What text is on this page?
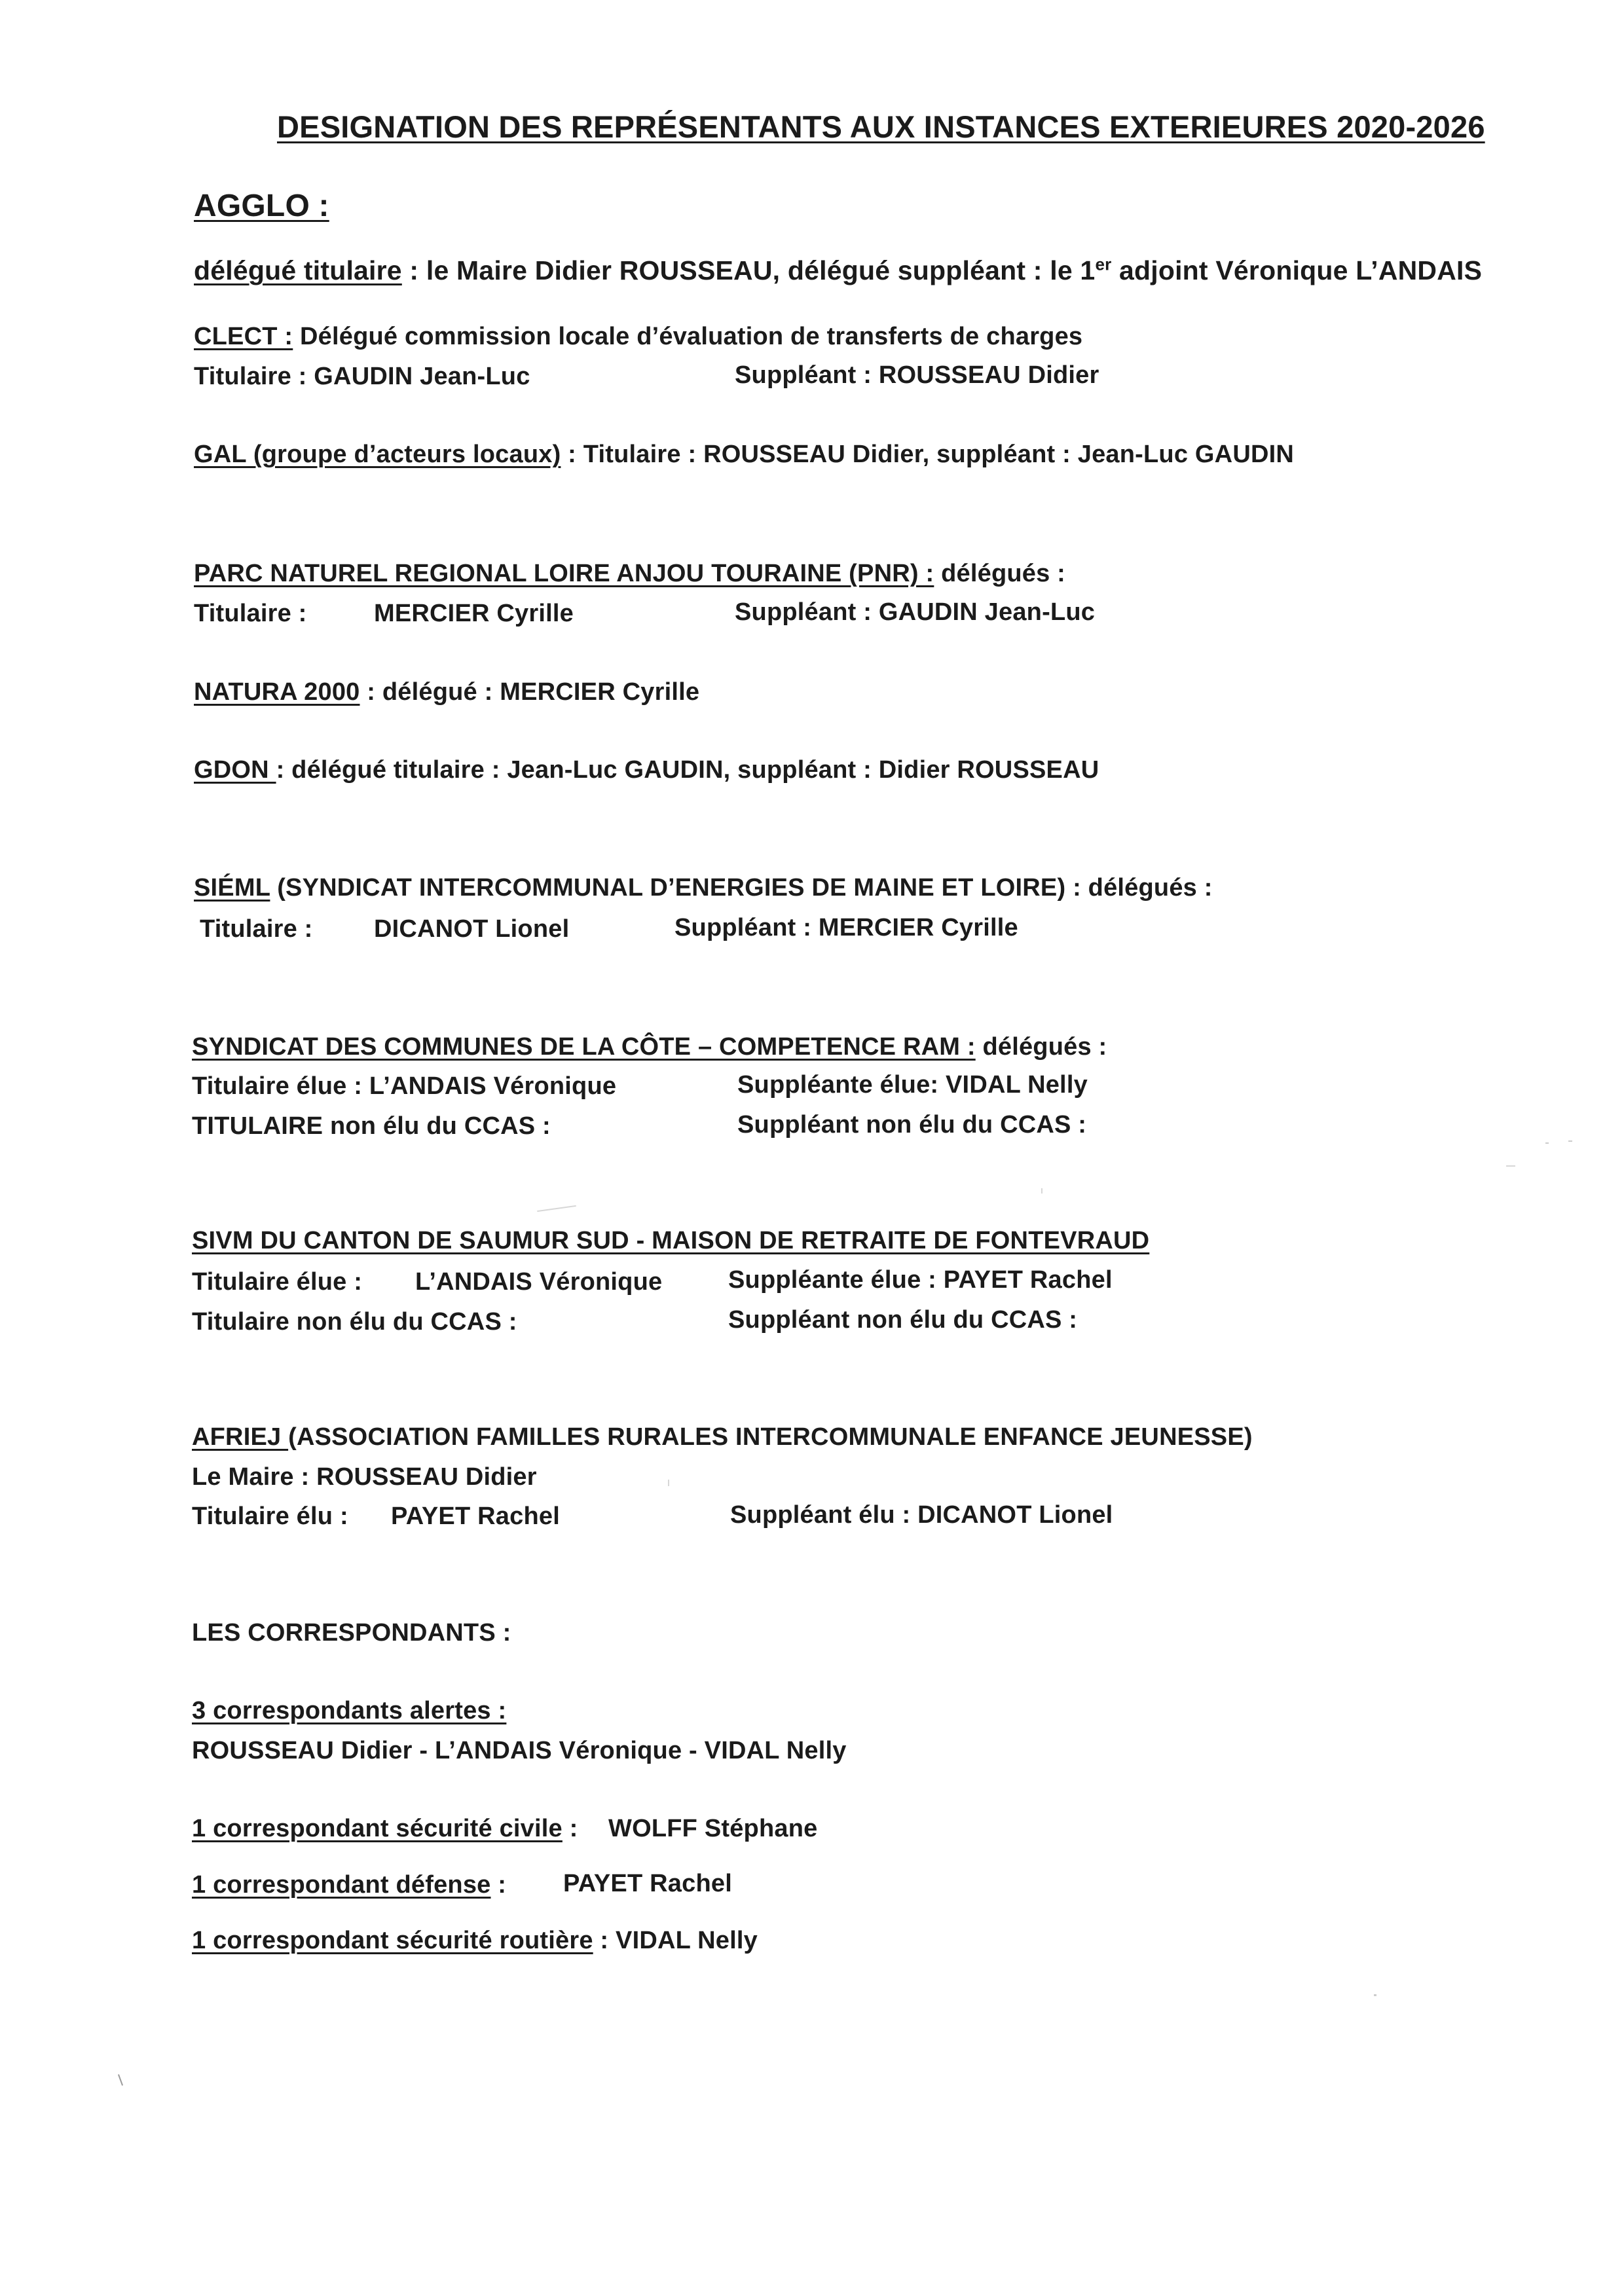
DESIGNATION DES REPRÉSENTANTS AUX INSTANCES EXTERIEURES 2020-2026
AGGLO :
délégué titulaire : le Maire Didier ROUSSEAU, délégué suppléant : le 1er adjoint Véronique L’ANDAIS
CLECT : Délégué commission locale d’évaluation de transferts de charges
Titulaire : GAUDIN Jean-Luc	Suppléant : ROUSSEAU Didier
GAL (groupe d’acteurs locaux) : Titulaire : ROUSSEAU Didier, suppléant : Jean-Luc GAUDIN
PARC NATUREL REGIONAL LOIRE ANJOU TOURAINE (PNR) : délégués :
Titulaire :	MERCIER Cyrille	Suppléant : GAUDIN Jean-Luc
NATURA 2000 : délégué : MERCIER Cyrille
GDON : délégué titulaire : Jean-Luc GAUDIN, suppléant : Didier ROUSSEAU
SIÉML (SYNDICAT INTERCOMMUNAL D’ENERGIES DE MAINE ET LOIRE) : délégués :
Titulaire : DICANOT Lionel	Suppléant : MERCIER Cyrille
SYNDICAT DES COMMUNES DE LA CÔTE – COMPETENCE RAM : délégués :
Titulaire élue : L’ANDAIS Véronique	Suppléante élue: VIDAL Nelly
TITULAIRE non élu du CCAS :	Suppléant non élu du CCAS :
SIVM DU CANTON DE SAUMUR SUD - MAISON DE RETRAITE DE FONTEVRAUD
Titulaire élue : L’ANDAIS Véronique	Suppléante élue : PAYET Rachel
Titulaire non élu du CCAS :	Suppléant non élu du CCAS :
AFRIEJ (ASSOCIATION FAMILLES RURALES INTERCOMMUNALE ENFANCE JEUNESSE)
Le Maire : ROUSSEAU Didier
Titulaire élu : PAYET Rachel	Suppléant élu : DICANOT Lionel
LES CORRESPONDANTS :
3 correspondants alertes :
ROUSSEAU Didier - L’ANDAIS Véronique - VIDAL Nelly
1 correspondant sécurité civile : WOLFF Stéphane
1 correspondant défense : PAYET Rachel
1 correspondant sécurité routière : VIDAL Nelly
